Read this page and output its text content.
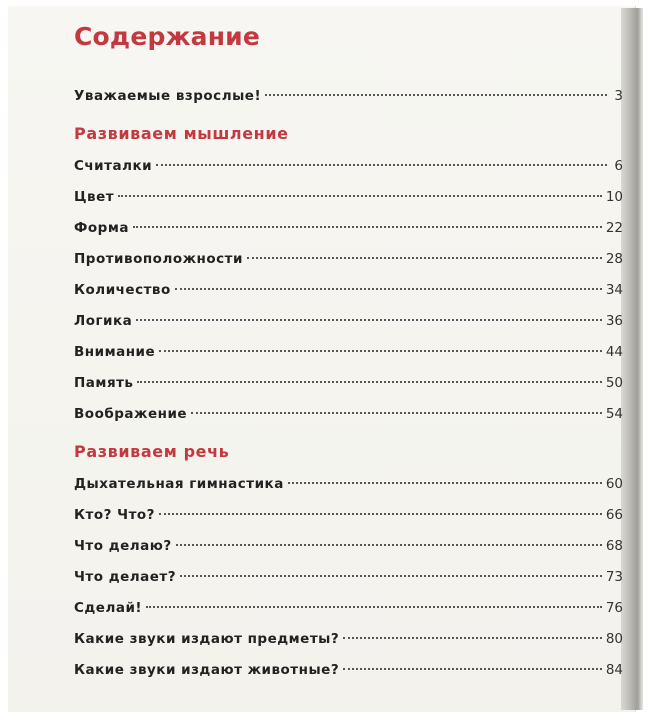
Содержание
Уважаемые взрослые!	3
Развиваем мышление
Считалки	6
Цвет	10
Форма	22
Противоположности	28
Количество	34
Логика	36
Внимание	44
Память	50
Воображение	54
Развиваем речь
Дыхательная гимнастика	60
Кто? Что?	66
Что делаю?	68
Что делает?	73
Сделай!	76
Какие звуки издают предметы?	80
Какие звуки издают животные?	84
